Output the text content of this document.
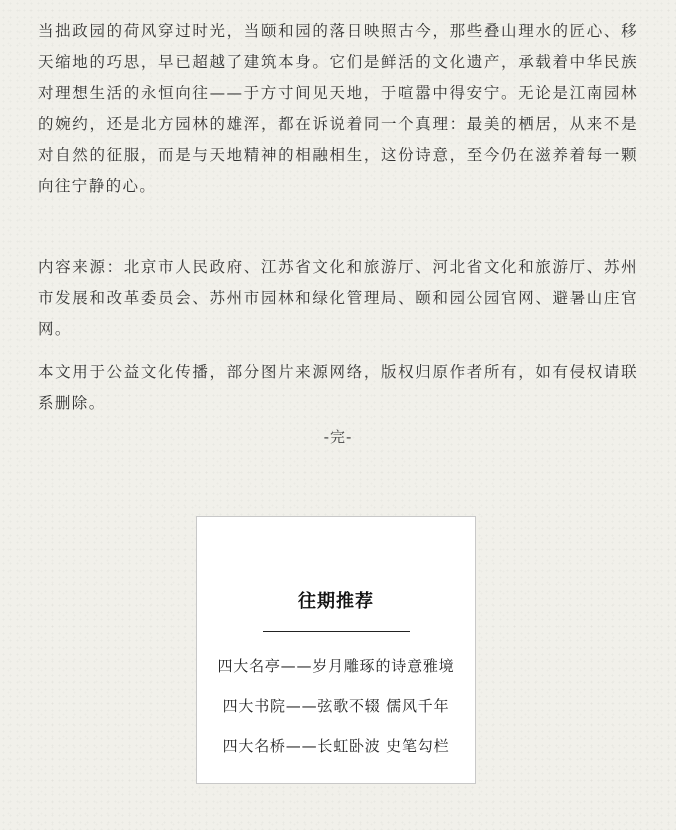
当拙政园的荷风穿过时光，当颐和园的落日映照古今，那些叠山理水的匠心、移天缩地的巧思，早已超越了建筑本身。它们是鲜活的文化遗产，承载着中华民族对理想生活的永恒向往——于方寸间见天地，于喧嚣中得安宁。无论是江南园林的婉约，还是北方园林的雄浑，都在诉说着同一个真理：最美的栖居，从来不是对自然的征服，而是与天地精神的相融相生，这份诗意，至今仍在滋养着每一颗向往宁静的心。

内容来源：北京市人民政府、江苏省文化和旅游厅、河北省文化和旅游厅、苏州市发展和改革委员会、苏州市园林和绿化管理局、颐和园公园官网、避暑山庄官网。

本文用于公益文化传播，部分图片来源网络，版权归原作者所有，如有侵权请联系删除。

-完-
往期推荐
四大名亭——岁月雕琢的诗意雅境
四大书院——弦歌不辍 儒风千年
四大名桥——长虹卧波 史笔勾栏
